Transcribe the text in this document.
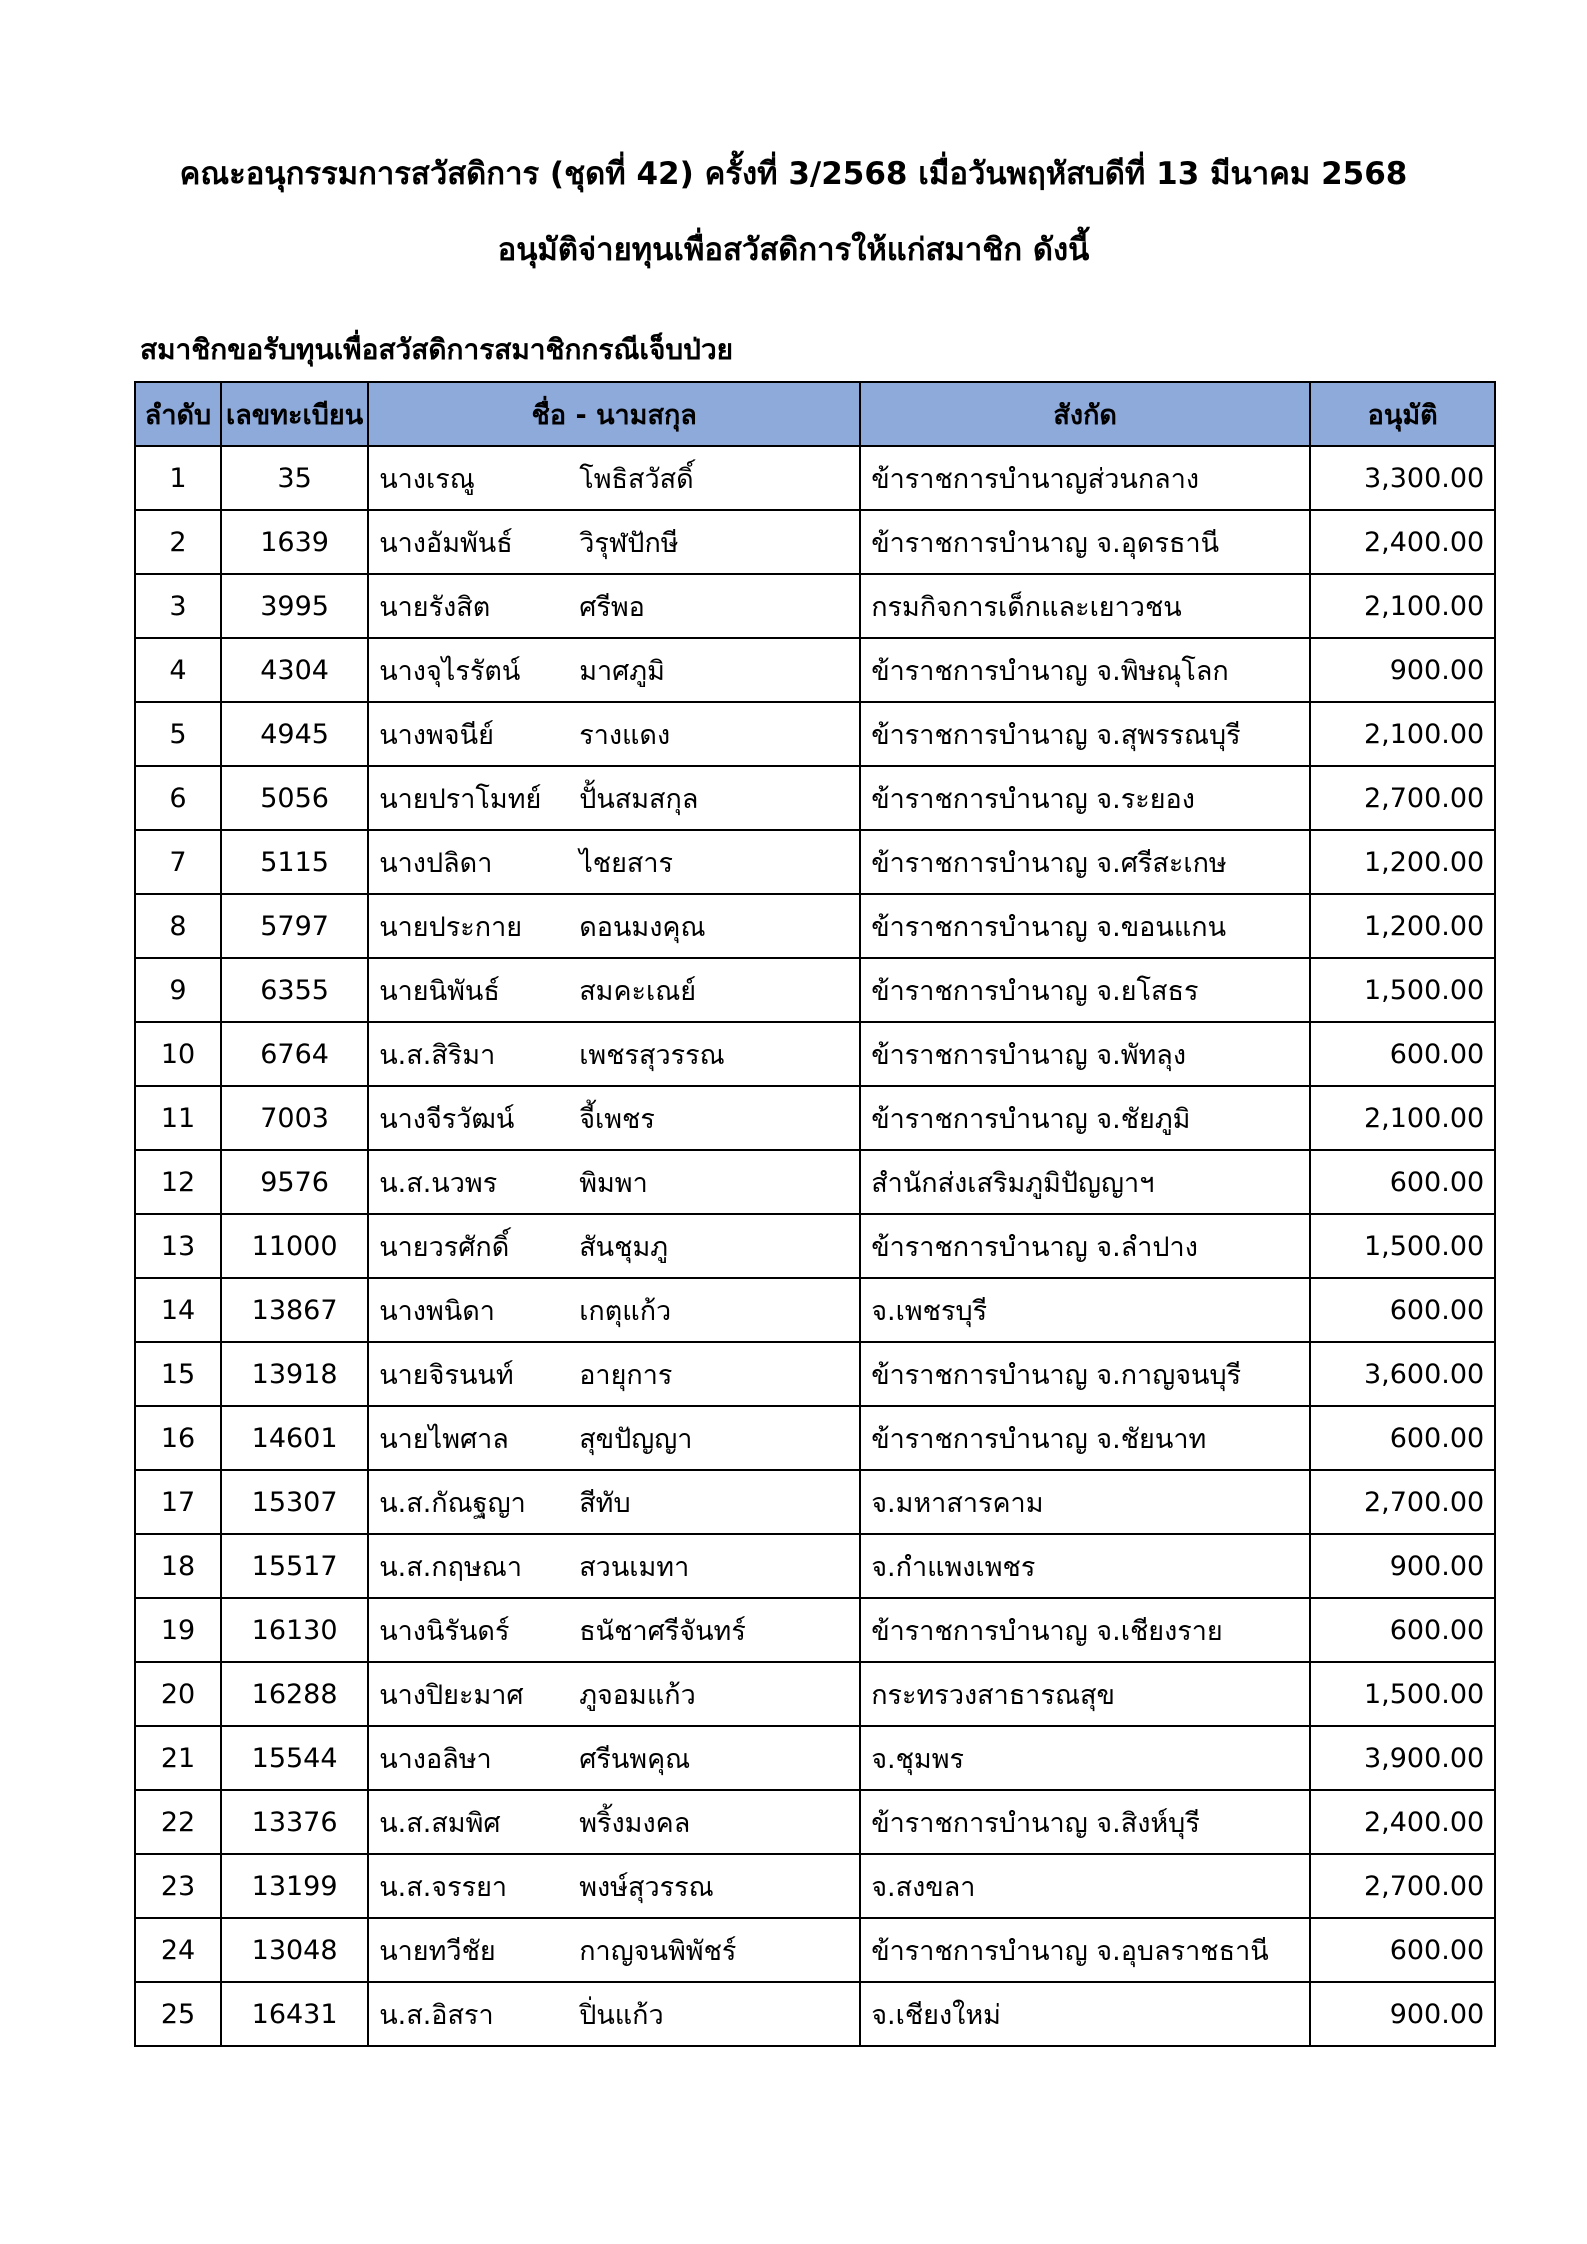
คณะอนุกรรมการสวัสดิการ (ชุดที่ 42) ครั้งที่ 3/2568 เมื่อวันพฤหัสบดีที่ 13 มีนาคม 2568
อนุมัติจ่ายทุนเพื่อสวัสดิการให้แก่สมาชิก ดังนี้
สมาชิกขอรับทุนเพื่อสวัสดิการสมาชิกกรณีเจ็บป่วย
ลำดับ	เลขทะเบียน	ชื่อ - นามสกุล	สังกัด	อนุมัติ
1	35	นางเรณู โพธิสวัสดิ์	ข้าราชการบำนาญส่วนกลาง	3,300.00
2	1639	นางอัมพันธ์ วิรุฬปักษี	ข้าราชการบำนาญ จ.อุดรธานี	2,400.00
3	3995	นายรังสิต ศรีพอ	กรมกิจการเด็กและเยาวชน	2,100.00
4	4304	นางจุไรรัตน์ มาศภูมิ	ข้าราชการบำนาญ จ.พิษณุโลก	900.00
5	4945	นางพจนีย์ รางแดง	ข้าราชการบำนาญ จ.สุพรรณบุรี	2,100.00
6	5056	นายปราโมทย์ ปั้นสมสกุล	ข้าราชการบำนาญ จ.ระยอง	2,700.00
7	5115	นางปลิดา ไชยสาร	ข้าราชการบำนาญ จ.ศรีสะเกษ	1,200.00
8	5797	นายประกาย ดอนมงคุณ	ข้าราชการบำนาญ จ.ขอนแกน	1,200.00
9	6355	นายนิพันธ์ สมคะเณย์	ข้าราชการบำนาญ จ.ยโสธร	1,500.00
10	6764	น.ส.สิริมา เพชรสุวรรณ	ข้าราชการบำนาญ จ.พัทลุง	600.00
11	7003	นางจีรวัฒน์ จี้เพชร	ข้าราชการบำนาญ จ.ชัยภูมิ	2,100.00
12	9576	น.ส.นวพร พิมพา	สำนักส่งเสริมภูมิปัญญาฯ	600.00
13	11000	นายวรศักดิ์ สันชุมภู	ข้าราชการบำนาญ จ.ลำปาง	1,500.00
14	13867	นางพนิดา เกตุแก้ว	จ.เพชรบุรี	600.00
15	13918	นายจิรนนท์ อายุการ	ข้าราชการบำนาญ จ.กาญจนบุรี	3,600.00
16	14601	นายไพศาล สุขปัญญา	ข้าราชการบำนาญ จ.ชัยนาท	600.00
17	15307	น.ส.กัณฐญา สีทับ	จ.มหาสารคาม	2,700.00
18	15517	น.ส.กฤษณา สวนเมทา	จ.กำแพงเพชร	900.00
19	16130	นางนิรันดร์ ธนัชาศรีจันทร์	ข้าราชการบำนาญ จ.เชียงราย	600.00
20	16288	นางปิยะมาศ ภูจอมแก้ว	กระทรวงสาธารณสุข	1,500.00
21	15544	นางอลิษา ศรีนพคุณ	จ.ชุมพร	3,900.00
22	13376	น.ส.สมพิศ พริ้งมงคล	ข้าราชการบำนาญ จ.สิงห์บุรี	2,400.00
23	13199	น.ส.จรรยา พงษ์สุวรรณ	จ.สงขลา	2,700.00
24	13048	นายทวีชัย กาญจนพิพัชร์	ข้าราชการบำนาญ จ.อุบลราชธานี	600.00
25	16431	น.ส.อิสรา ปิ่นแก้ว	จ.เชียงใหม่	900.00
